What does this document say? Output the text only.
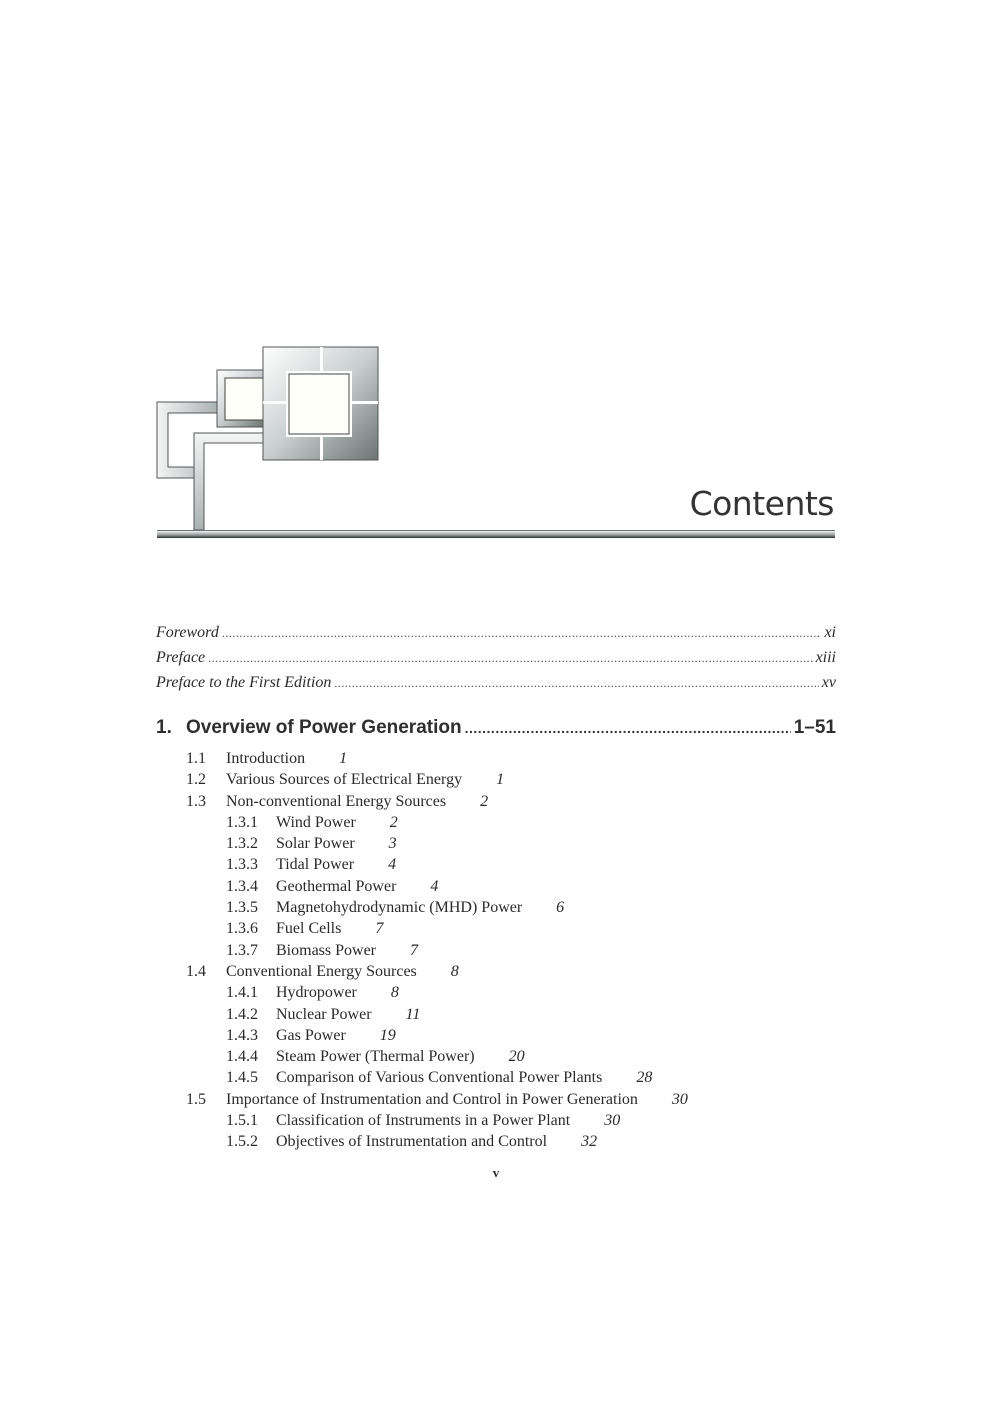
Contents
Foreword .....	xi
Preface .....	xiii
Preface to the First Edition .....	xv
1. Overview of Power Generation .....	1–51
1.1	Introduction 1
1.2	Various Sources of Electrical Energy 1
1.3	Non-conventional Energy Sources 2
1.3.1	Wind Power 2
1.3.2	Solar Power 3
1.3.3	Tidal Power 4
1.3.4	Geothermal Power 4
1.3.5	Magnetohydrodynamic (MHD) Power 6
1.3.6	Fuel Cells 7
1.3.7	Biomass Power 7
1.4	Conventional Energy Sources 8
1.4.1	Hydropower 8
1.4.2	Nuclear Power 11
1.4.3	Gas Power 19
1.4.4	Steam Power (Thermal Power) 20
1.4.5	Comparison of Various Conventional Power Plants 28
1.5	Importance of Instrumentation and Control in Power Generation 30
1.5.1	Classification of Instruments in a Power Plant 30
1.5.2	Objectives of Instrumentation and Control 32
v
